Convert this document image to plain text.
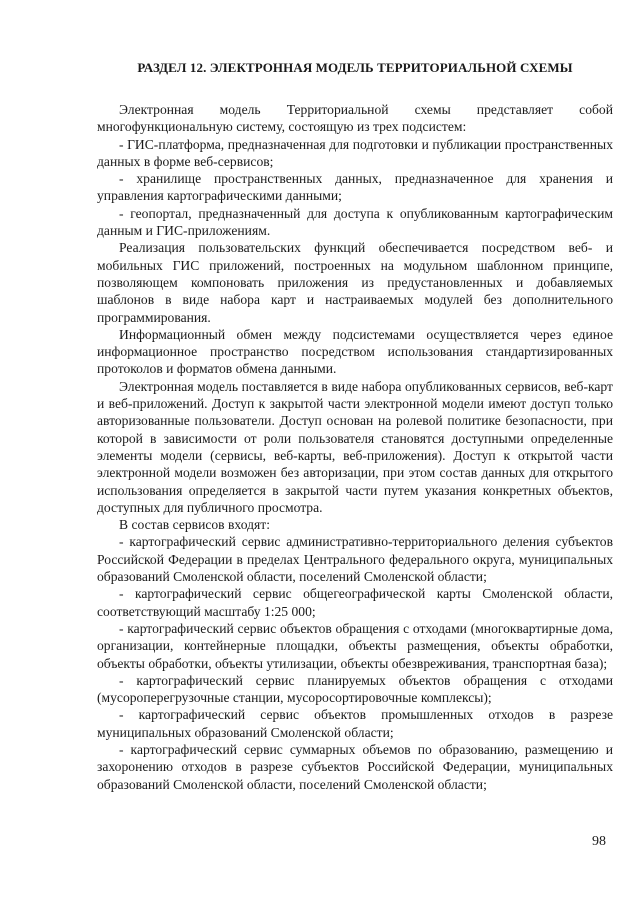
РАЗДЕЛ 12. ЭЛЕКТРОННАЯ МОДЕЛЬ ТЕРРИТОРИАЛЬНОЙ СХЕМЫ

Электронная модель Территориальной схемы представляет собой многофункциональную систему, состоящую из трех подсистем:

- ГИС-платформа, предназначенная для подготовки и публикации пространственных данных в форме веб-сервисов;

- хранилище пространственных данных, предназначенное для хранения и управления картографическими данными;

- геопортал, предназначенный для доступа к опубликованным картографическим данным и ГИС-приложениям.

Реализация пользовательских функций обеспечивается посредством веб- и мобильных ГИС приложений, построенных на модульном шаблонном принципе, позволяющем компоновать приложения из предустановленных и добавляемых шаблонов в виде набора карт и настраиваемых модулей без дополнительного программирования.

Информационный обмен между подсистемами осуществляется через единое информационное пространство посредством использования стандартизированных протоколов и форматов обмена данными.

Электронная модель поставляется в виде набора опубликованных сервисов, веб-карт и веб-приложений. Доступ к закрытой части электронной модели имеют доступ только авторизованные пользователи. Доступ основан на ролевой политике безопасности, при которой в зависимости от роли пользователя становятся доступными определенные элементы модели (сервисы, веб-карты, веб-приложения). Доступ к открытой части электронной модели возможен без авторизации, при этом состав данных для открытого использования определяется в закрытой части путем указания конкретных объектов, доступных для публичного просмотра.

В состав сервисов входят:

- картографический сервис административно-территориального деления субъектов Российской Федерации в пределах Центрального федерального округа, муниципальных образований Смоленской области, поселений Смоленской области;

- картографический сервис общегеографической карты Смоленской области, соответствующий масштабу 1:25 000;

- картографический сервис объектов обращения с отходами (многоквартирные дома, организации, контейнерные площадки, объекты размещения, объекты обработки, объекты обработки, объекты утилизации, объекты обезвреживания, транспортная база);

- картографический сервис планируемых объектов обращения с отходами (мусороперегрузочные станции, мусоросортировочные комплексы);

- картографический сервис объектов промышленных отходов в разрезе муниципальных образований Смоленской области;

- картографический сервис суммарных объемов по образованию, размещению и захоронению отходов в разрезе субъектов Российской Федерации, муниципальных образований Смоленской области, поселений Смоленской области;

98
